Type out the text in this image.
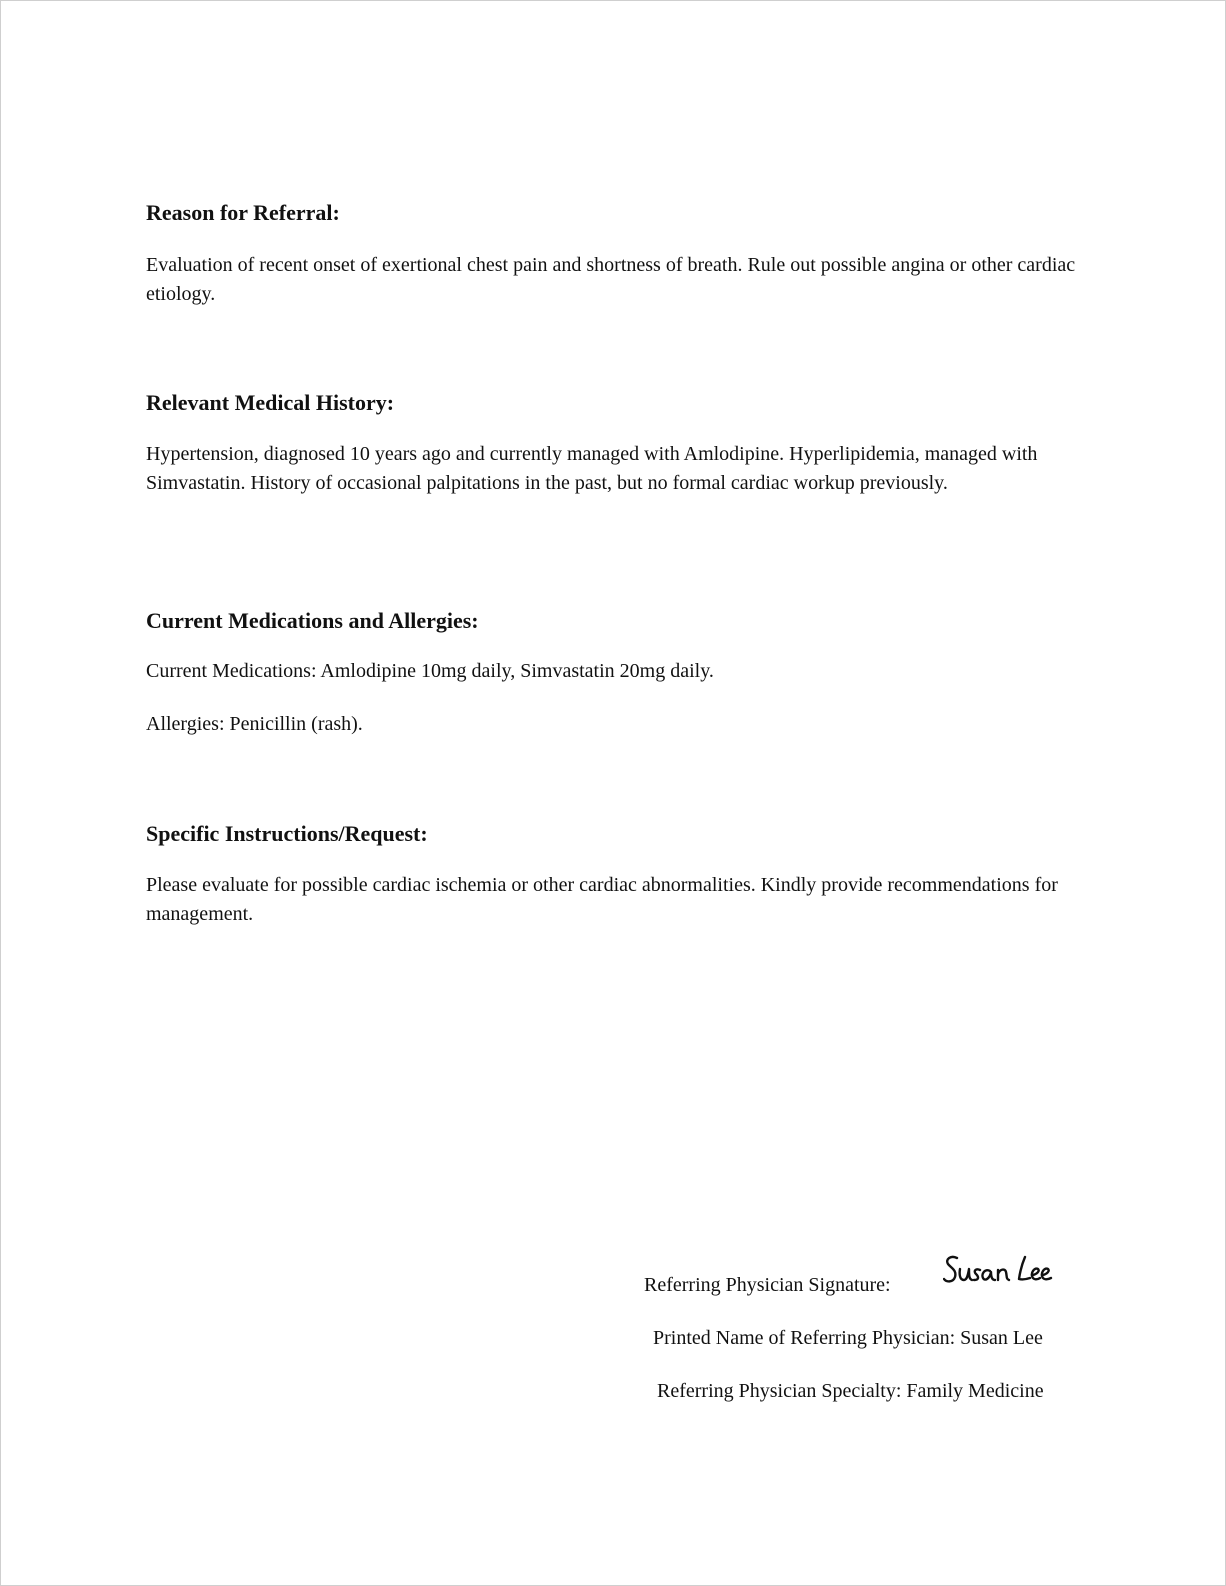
Reason for Referral:

Evaluation of recent onset of exertional chest pain and shortness of breath. Rule out possible angina or other cardiac etiology.

Relevant Medical History:

Hypertension, diagnosed 10 years ago and currently managed with Amlodipine. Hyperlipidemia, managed with Simvastatin. History of occasional palpitations in the past, but no formal cardiac workup previously.

Current Medications and Allergies:

Current Medications: Amlodipine 10mg daily, Simvastatin 20mg daily.

Allergies: Penicillin (rash).

Specific Instructions/Request:

Please evaluate for possible cardiac ischemia or other cardiac abnormalities. Kindly provide recommendations for management.

Referring Physician Signature:
Printed Name of Referring Physician: Susan Lee
Referring Physician Specialty: Family Medicine
